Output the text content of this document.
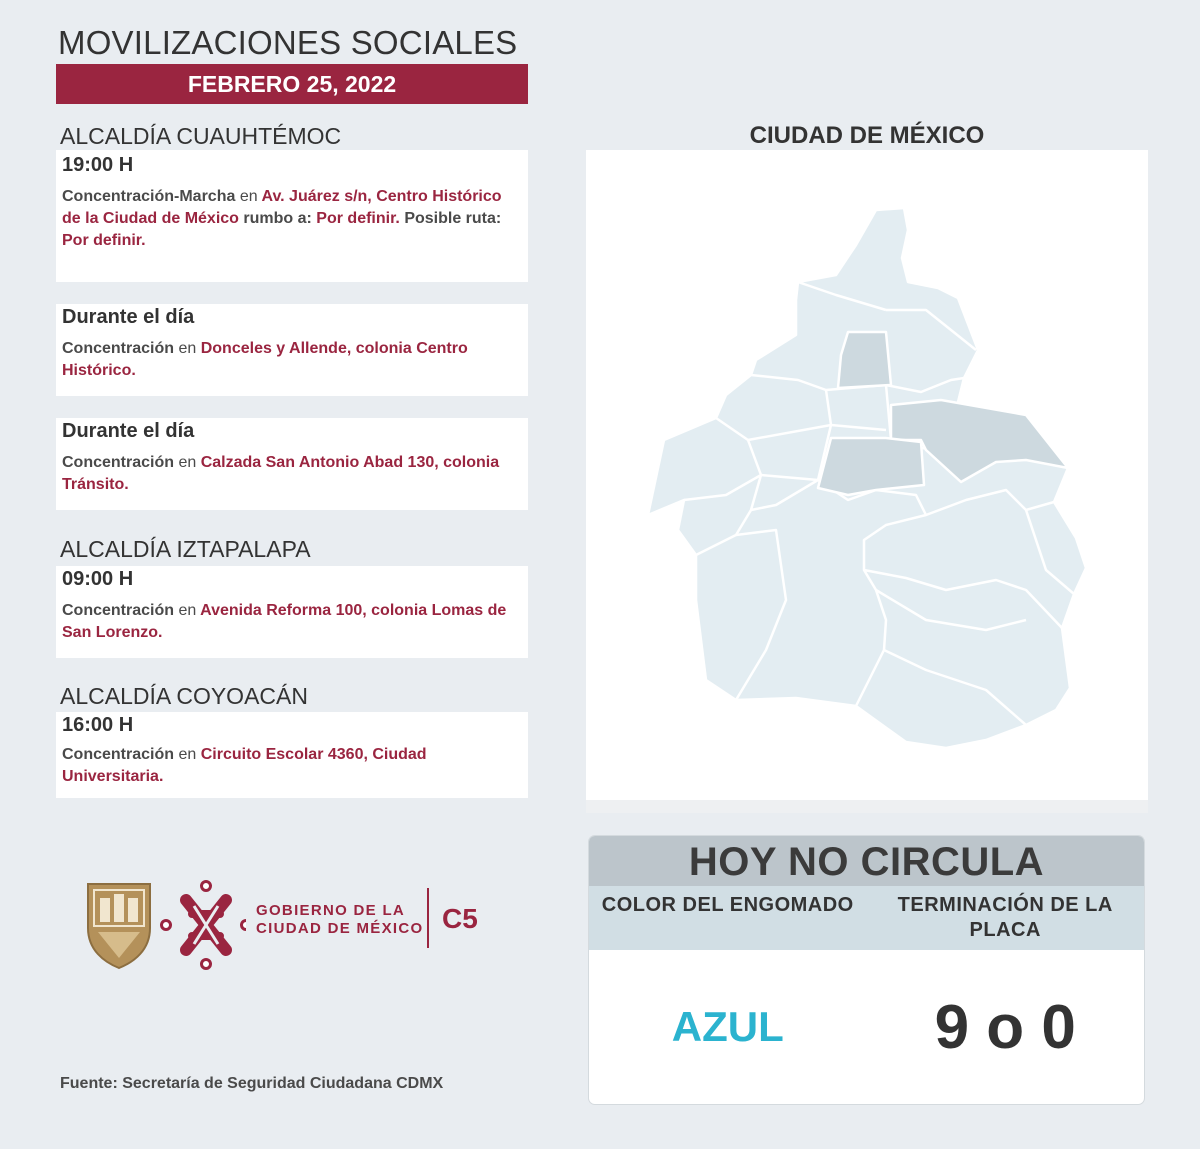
MOVILIZACIONES SOCIALES
FEBRERO 25, 2022
ALCALDÍA CUAUHTÉMOC
19:00 H
Concentración-Marcha en Av. Juárez s/n, Centro Histórico de la Ciudad de México rumbo a: Por definir. Posible ruta: Por definir.
Durante el día
Concentración en Donceles y Allende, colonia Centro Histórico.
Durante el día
Concentración en Calzada San Antonio Abad 130, colonia Tránsito.
ALCALDÍA IZTAPALAPA
09:00 H
Concentración en Avenida Reforma 100, colonia Lomas de San Lorenzo.
ALCALDÍA COYOACÁN
16:00 H
Concentración en Circuito Escolar 4360, Ciudad Universitaria.
CIUDAD DE MÉXICO
HOY NO CIRCULA
COLOR DEL ENGOMADO	TERMINACIÓN DE LA PLACA
AZUL	9 o 0
GOBIERNO DE LA
CIUDAD DE MÉXICO C5
Fuente: Secretaría de Seguridad Ciudadana CDMX
